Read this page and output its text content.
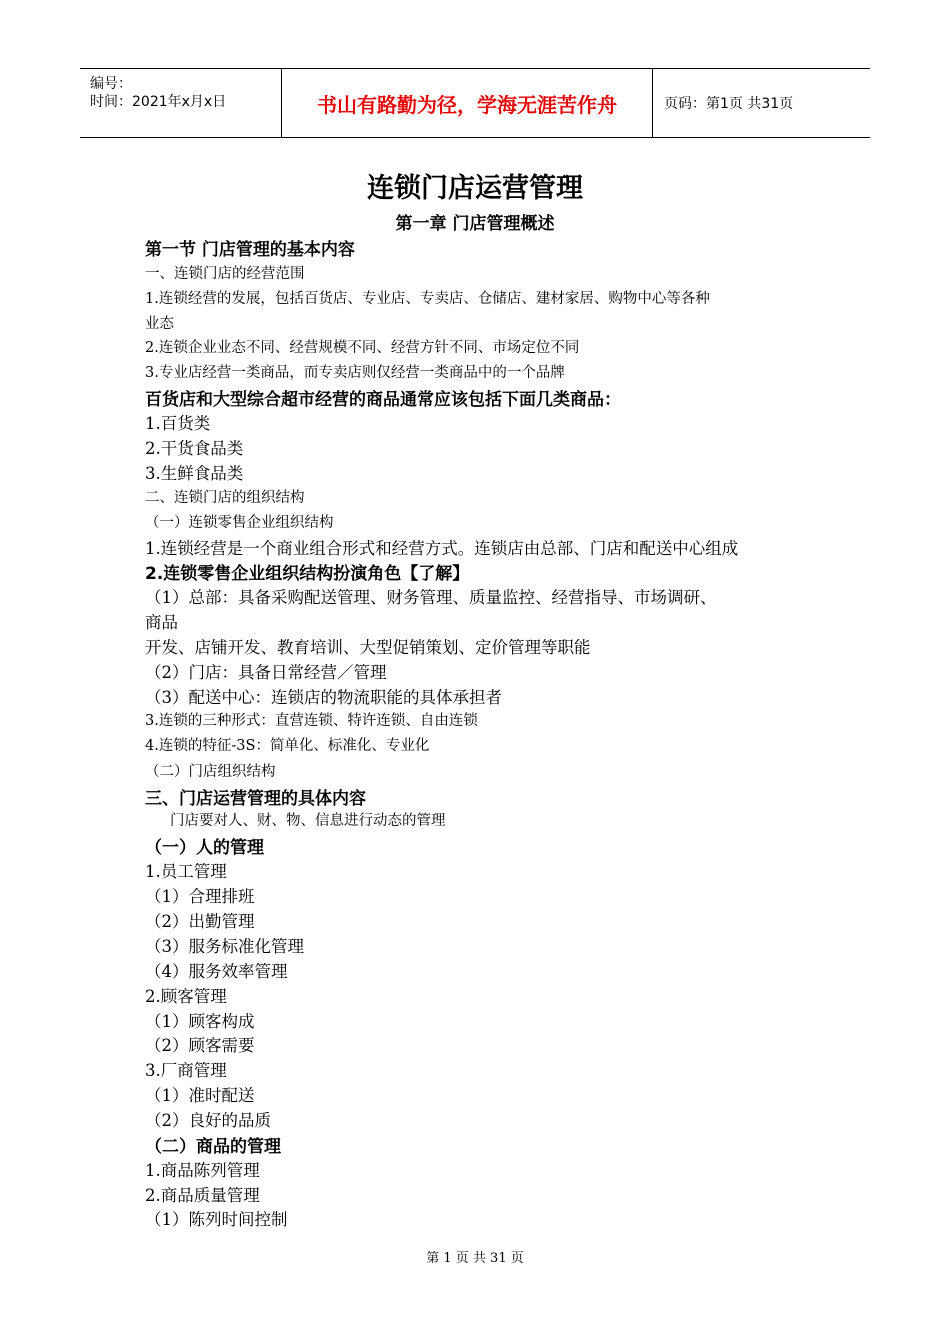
编号：
时间：2021年x月x日	书山有路勤为径，学海无涯苦作舟	页码：第1页 共31页
连锁门店运营管理
第一章 门店管理概述
第一节 门店管理的基本内容
一、连锁门店的经营范围
1.连锁经营的发展，包括百货店、专业店、专卖店、仓储店、建材家居、购物中心等各种
业态
2.连锁企业业态不同、经营规模不同、经营方针不同、市场定位不同
3.专业店经营一类商品，而专卖店则仅经营一类商品中的一个品牌
百货店和大型综合超市经营的商品通常应该包括下面几类商品：
1.百货类
2.干货食品类
3.生鲜食品类
二、连锁门店的组织结构
（一）连锁零售企业组织结构
1.连锁经营是一个商业组合形式和经营方式。连锁店由总部、门店和配送中心组成
2.连锁零售企业组织结构扮演角色【了解】
（1）总部：具备采购配送管理、财务管理、质量监控、经营指导、市场调研、
商品
开发、店铺开发、教育培训、大型促销策划、定价管理等职能
（2）门店：具备日常经营／管理
（3）配送中心：连锁店的物流职能的具体承担者
3.连锁的三种形式：直营连锁、特许连锁、自由连锁
4.连锁的特征-3S：简单化、标准化、专业化
（二）门店组织结构
三、门店运营管理的具体内容
门店要对人、财、物、信息进行动态的管理
（一）人的管理
1.员工管理
（1）合理排班
（2）出勤管理
（3）服务标准化管理
（4）服务效率管理
2.顾客管理
（1）顾客构成
（2）顾客需要
3.厂商管理
（1）准时配送
（2）良好的品质
（二）商品的管理
1.商品陈列管理
2.商品质量管理
（1）陈列时间控制
第 1 页 共 31 页
